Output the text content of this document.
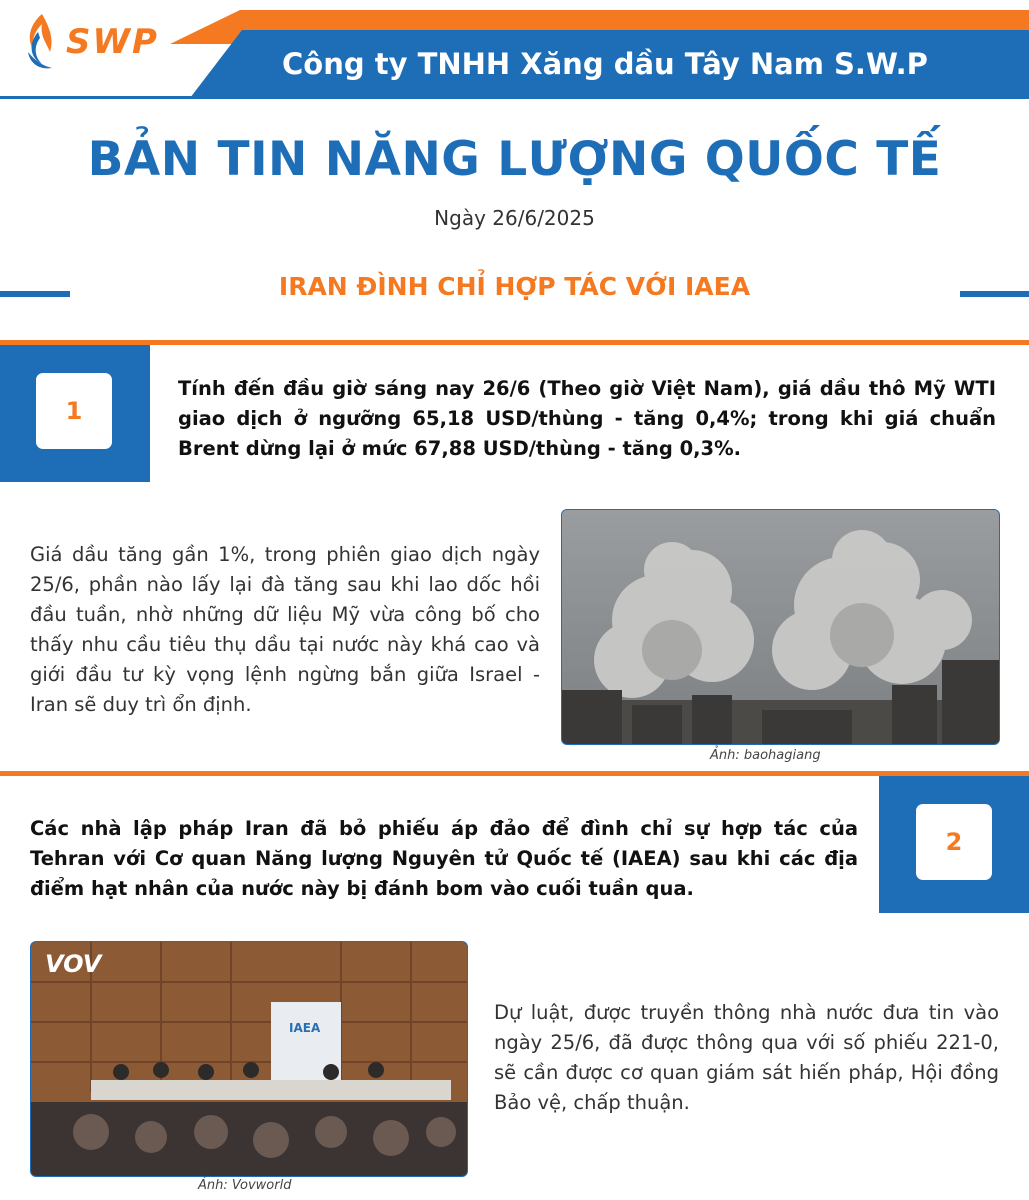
SWP
Công ty TNHH Xăng dầu Tây Nam S.W.P
BẢN TIN NĂNG LƯỢNG QUỐC TẾ
Ngày 26/6/2025
IRAN ĐÌNH CHỈ HỢP TÁC VỚI IAEA
1
Tính đến đầu giờ sáng nay 26/6 (Theo giờ Việt Nam), giá dầu thô Mỹ WTI giao dịch ở ngưỡng 65,18 USD/thùng - tăng 0,4%; trong khi giá chuẩn Brent dừng lại ở mức 67,88 USD/thùng - tăng 0,3%.
Giá dầu tăng gần 1%, trong phiên giao dịch ngày 25/6, phần nào lấy lại đà tăng sau khi lao dốc hồi đầu tuần, nhờ những dữ liệu Mỹ vừa công bố cho thấy nhu cầu tiêu thụ dầu tại nước này khá cao và giới đầu tư kỳ vọng lệnh ngừng bắn giữa Israel - Iran sẽ duy trì ổn định.
Ảnh: baohagiang
2
Các nhà lập pháp Iran đã bỏ phiếu áp đảo để đình chỉ sự hợp tác của Tehran với Cơ quan Năng lượng Nguyên tử Quốc tế (IAEA) sau khi các địa điểm hạt nhân của nước này bị đánh bom vào cuối tuần qua.
IAEA
VOV
Ảnh: Vovworld
Dự luật, được truyền thông nhà nước đưa tin vào ngày 25/6, đã được thông qua với số phiếu 221-0, sẽ cần được cơ quan giám sát hiến pháp, Hội đồng Bảo vệ, chấp thuận.
